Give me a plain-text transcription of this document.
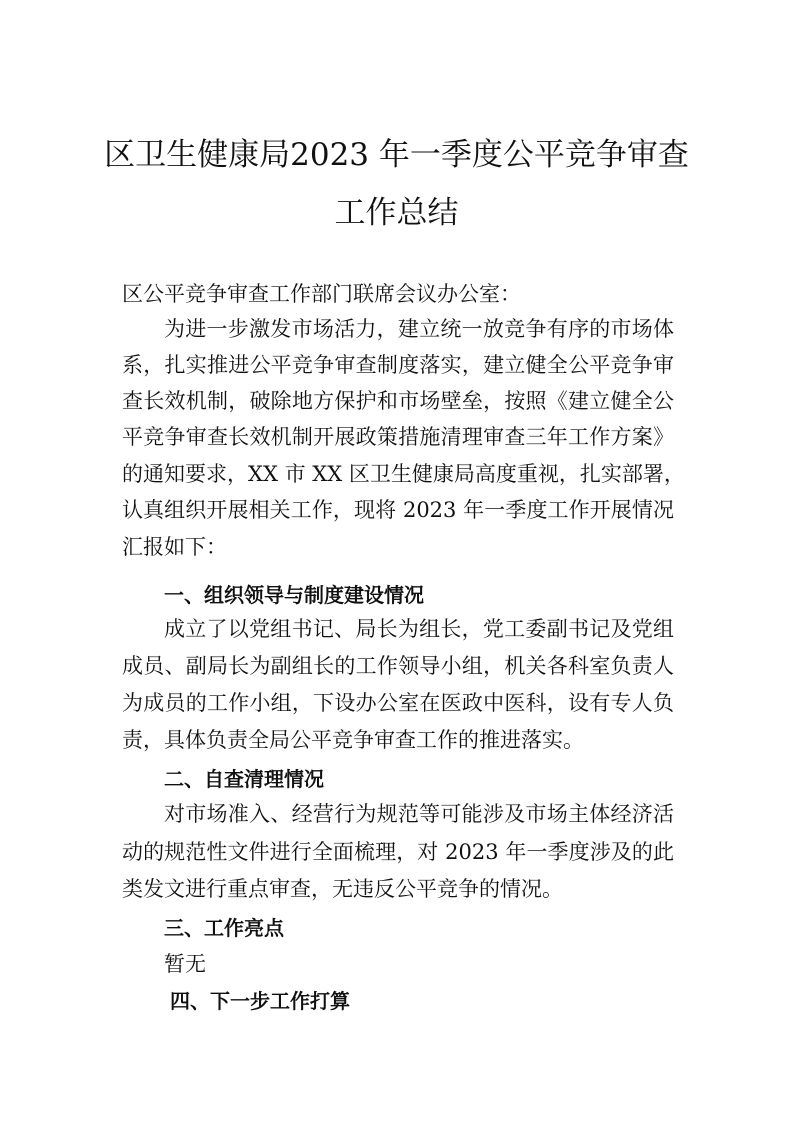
区卫生健康局2023 年一季度公平竞争审查
工作总结
区公平竞争审查工作部门联席会议办公室：
为进一步激发市场活力，建立统一放竞争有序的市场体
系，扎实推进公平竞争审查制度落实，建立健全公平竞争审
查长效机制，破除地方保护和市场壁垒，按照《建立健全公
平竞争审查长效机制开展政策措施清理审查三年工作方案》
的通知要求，XX 市 XX 区卫生健康局高度重视，扎实部署，
认真组织开展相关工作，现将 2023 年一季度工作开展情况
汇报如下：
一、组织领导与制度建设情况
成立了以党组书记、局长为组长，党工委副书记及党组
成员、副局长为副组长的工作领导小组，机关各科室负责人
为成员的工作小组，下设办公室在医政中医科，设有专人负
责，具体负责全局公平竞争审查工作的推进落实。
二、自查清理情况
对市场准入、经营行为规范等可能涉及市场主体经济活
动的规范性文件进行全面梳理，对 2023 年一季度涉及的此
类发文进行重点审查，无违反公平竞争的情况。
三、工作亮点
暂无
四、下一步工作打算
